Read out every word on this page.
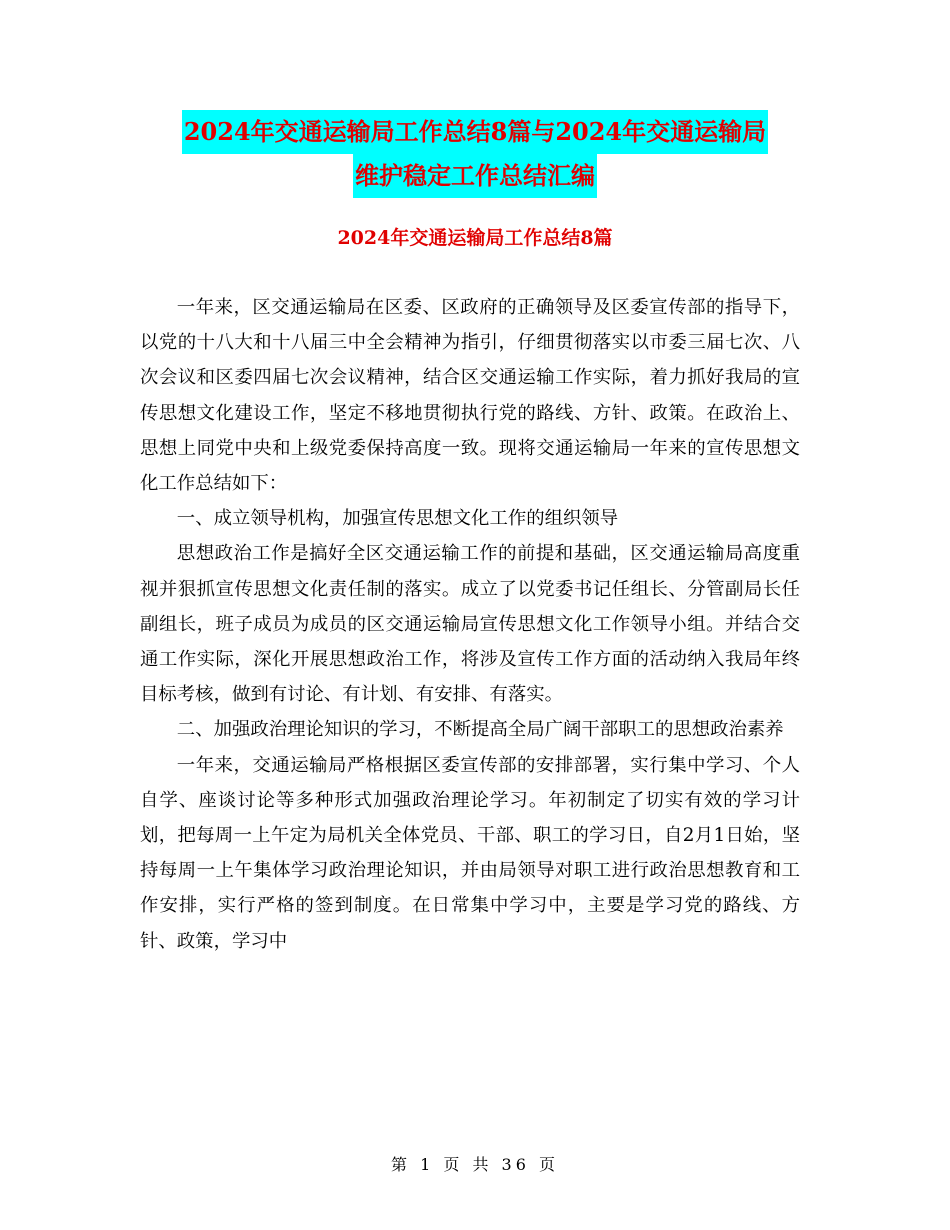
2024年交通运输局工作总结8篇与2024年交通运输局
维护稳定工作总结汇编
2024年交通运输局工作总结8篇

一年来，区交通运输局在区委、区政府的正确领导及区委宣传部的指导下，以党的十八大和十八届三中全会精神为指引，仔细贯彻落实以市委三届七次、八次会议和区委四届七次会议精神，结合区交通运输工作实际，着力抓好我局的宣传思想文化建设工作，坚定不移地贯彻执行党的路线、方针、政策。在政治上、思想上同党中央和上级党委保持高度一致。现将交通运输局一年来的宣传思想文化工作总结如下：

一、成立领导机构，加强宣传思想文化工作的组织领导

思想政治工作是搞好全区交通运输工作的前提和基础，区交通运输局高度重视并狠抓宣传思想文化责任制的落实。成立了以党委书记任组长、分管副局长任副组长，班子成员为成员的区交通运输局宣传思想文化工作领导小组。并结合交通工作实际，深化开展思想政治工作，将涉及宣传工作方面的活动纳入我局年终目标考核，做到有讨论、有计划、有安排、有落实。

二、加强政治理论知识的学习，不断提高全局广阔干部职工的思想政治素养

一年来，交通运输局严格根据区委宣传部的安排部署，实行集中学习、个人自学、座谈讨论等多种形式加强政治理论学习。年初制定了切实有效的学习计划，把每周一上午定为局机关全体党员、干部、职工的学习日，自2月1日始，坚持每周一上午集体学习政治理论知识，并由局领导对职工进行政治思想教育和工作安排，实行严格的签到制度。在日常集中学习中，主要是学习党的路线、方针、政策，学习中

第 1 页 共 36 页
